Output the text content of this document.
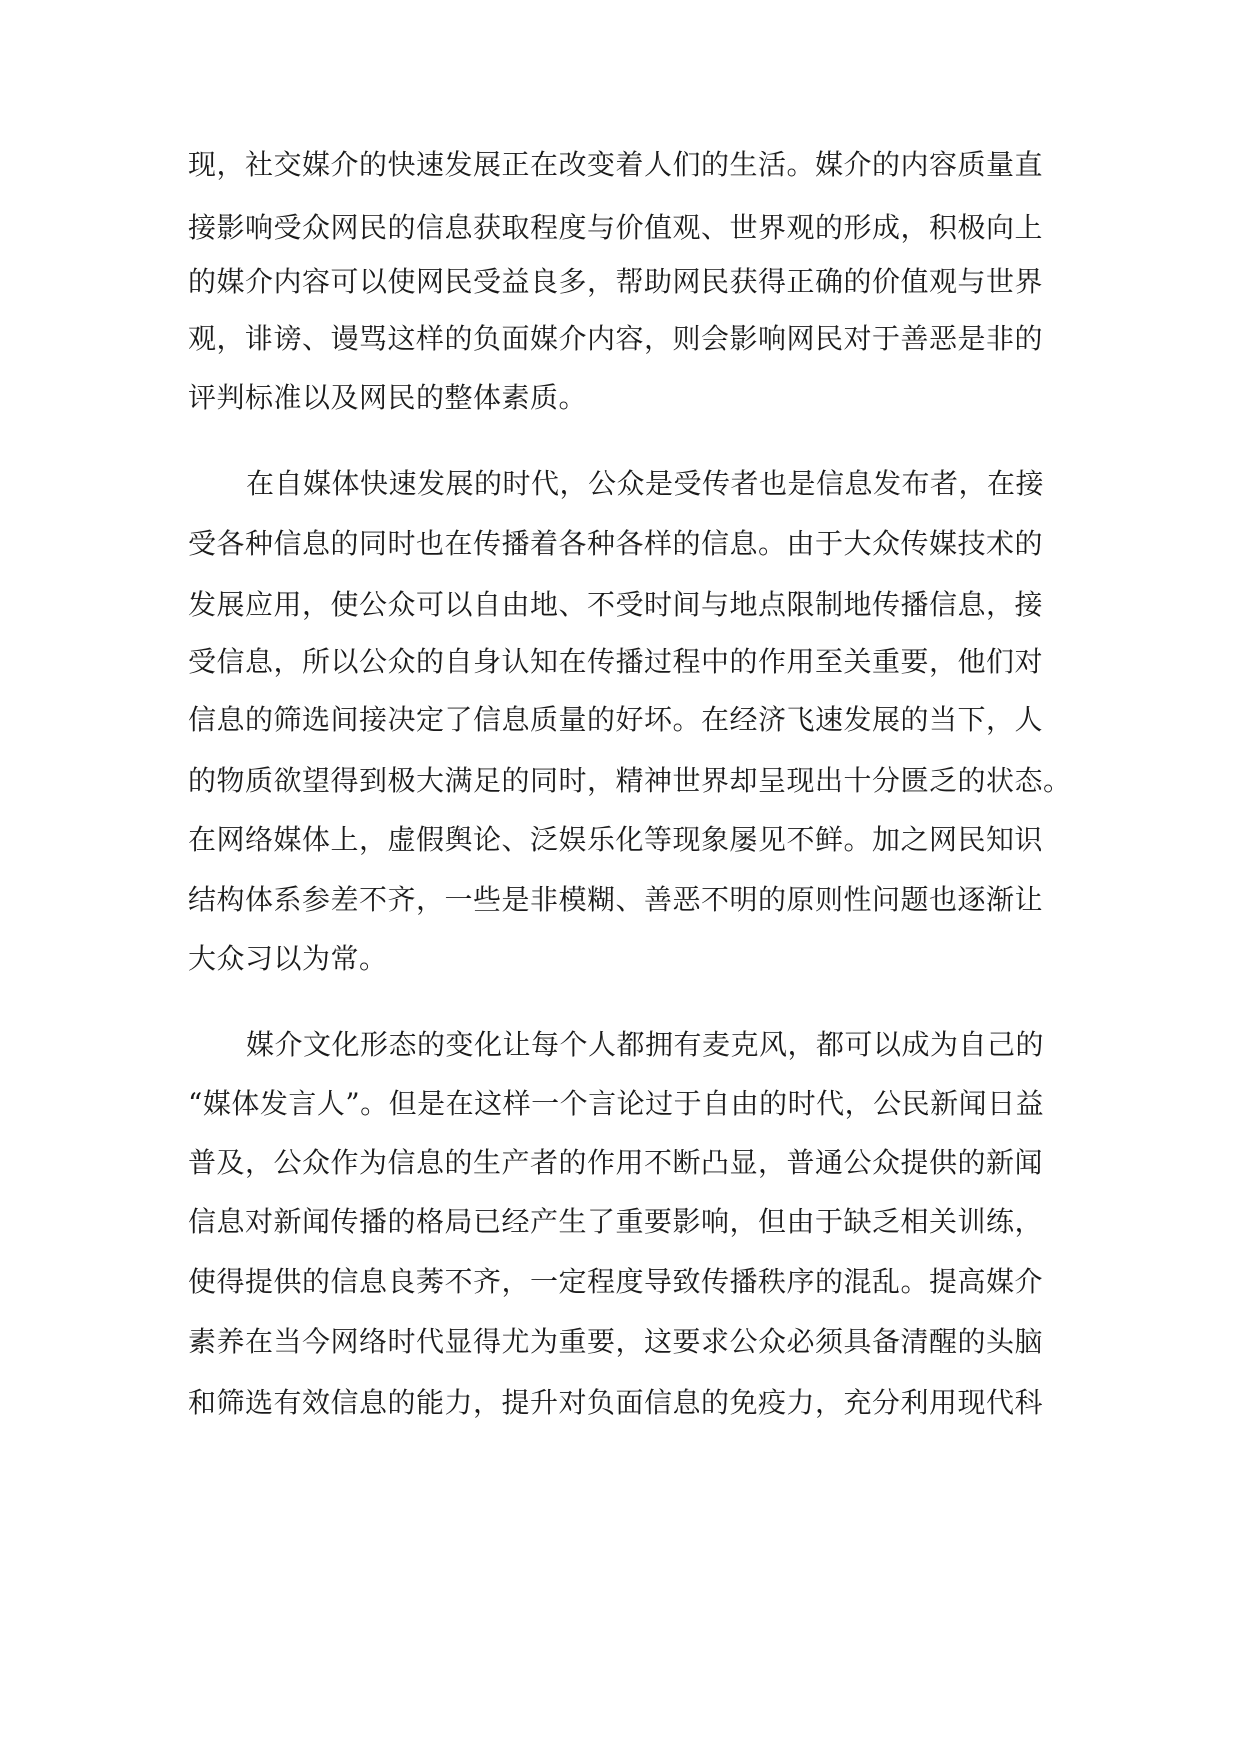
现，社交媒介的快速发展正在改变着人们的生活。媒介的内容质量直

接影响受众网民的信息获取程度与价值观、世界观的形成，积极向上

的媒介内容可以使网民受益良多，帮助网民获得正确的价值观与世界

观，诽谤、谩骂这样的负面媒介内容，则会影响网民对于善恶是非的

评判标准以及网民的整体素质。

在自媒体快速发展的时代，公众是受传者也是信息发布者，在接

受各种信息的同时也在传播着各种各样的信息。由于大众传媒技术的

发展应用，使公众可以自由地、不受时间与地点限制地传播信息，接

受信息，所以公众的自身认知在传播过程中的作用至关重要，他们对

信息的筛选间接决定了信息质量的好坏。在经济飞速发展的当下，人

的物质欲望得到极大满足的同时，精神世界却呈现出十分匮乏的状态。

在网络媒体上，虚假舆论、泛娱乐化等现象屡见不鲜。加之网民知识

结构体系参差不齐，一些是非模糊、善恶不明的原则性问题也逐渐让

大众习以为常。

媒介文化形态的变化让每个人都拥有麦克风，都可以成为自己的

“媒体发言人”。但是在这样一个言论过于自由的时代，公民新闻日益

普及，公众作为信息的生产者的作用不断凸显，普通公众提供的新闻

信息对新闻传播的格局已经产生了重要影响，但由于缺乏相关训练，

使得提供的信息良莠不齐，一定程度导致传播秩序的混乱。提高媒介

素养在当今网络时代显得尤为重要，这要求公众必须具备清醒的头脑

和筛选有效信息的能力，提升对负面信息的免疫力，充分利用现代科
